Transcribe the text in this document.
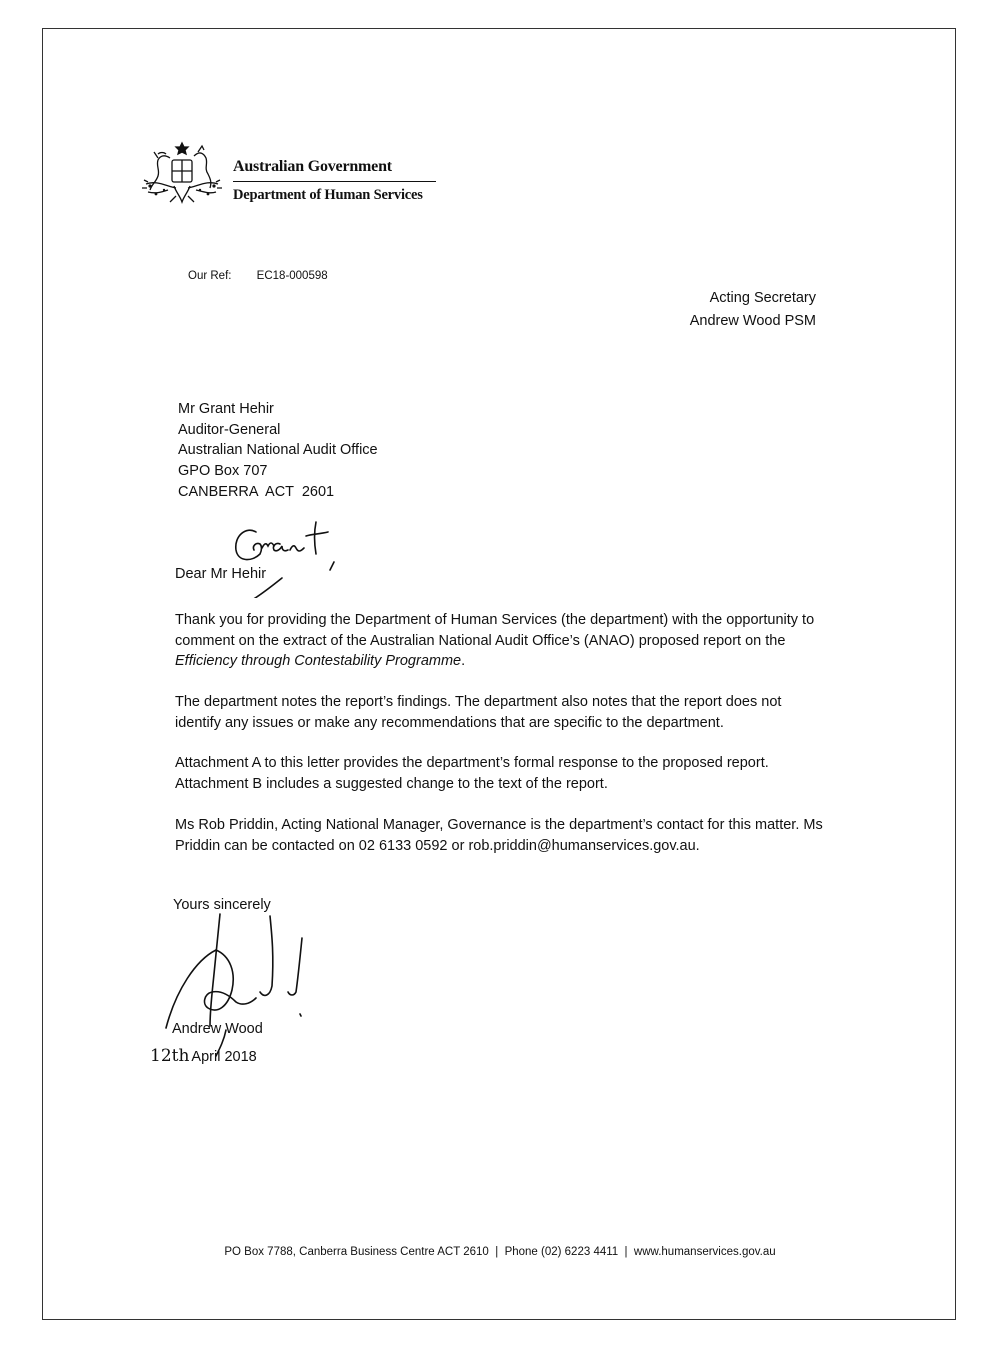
Australian Government
Department of Human Services
Our Ref: EC18-000598
Acting Secretary
Andrew Wood PSM
Mr Grant Hehir
Auditor-General
Australian National Audit Office
GPO Box 707
CANBERRA  ACT  2601
Dear Mr Hehir
Thank you for providing the Department of Human Services (the department) with the opportunity to comment on the extract of the Australian National Audit Office’s (ANAO) proposed report on the Efficiency through Contestability Programme.
The department notes the report’s findings. The department also notes that the report does not identify any issues or make any recommendations that are specific to the department.
Attachment A to this letter provides the department’s formal response to the proposed report. Attachment B includes a suggested change to the text of the report.
Ms Rob Priddin, Acting National Manager, Governance is the department’s contact for this matter. Ms Priddin can be contacted on 02 6133 0592 or rob.priddin@humanservices.gov.au.
Yours sincerely
Andrew Wood
12th April 2018
PO Box 7788, Canberra Business Centre ACT 2610  |  Phone (02) 6223 4411  |  www.humanservices.gov.au
